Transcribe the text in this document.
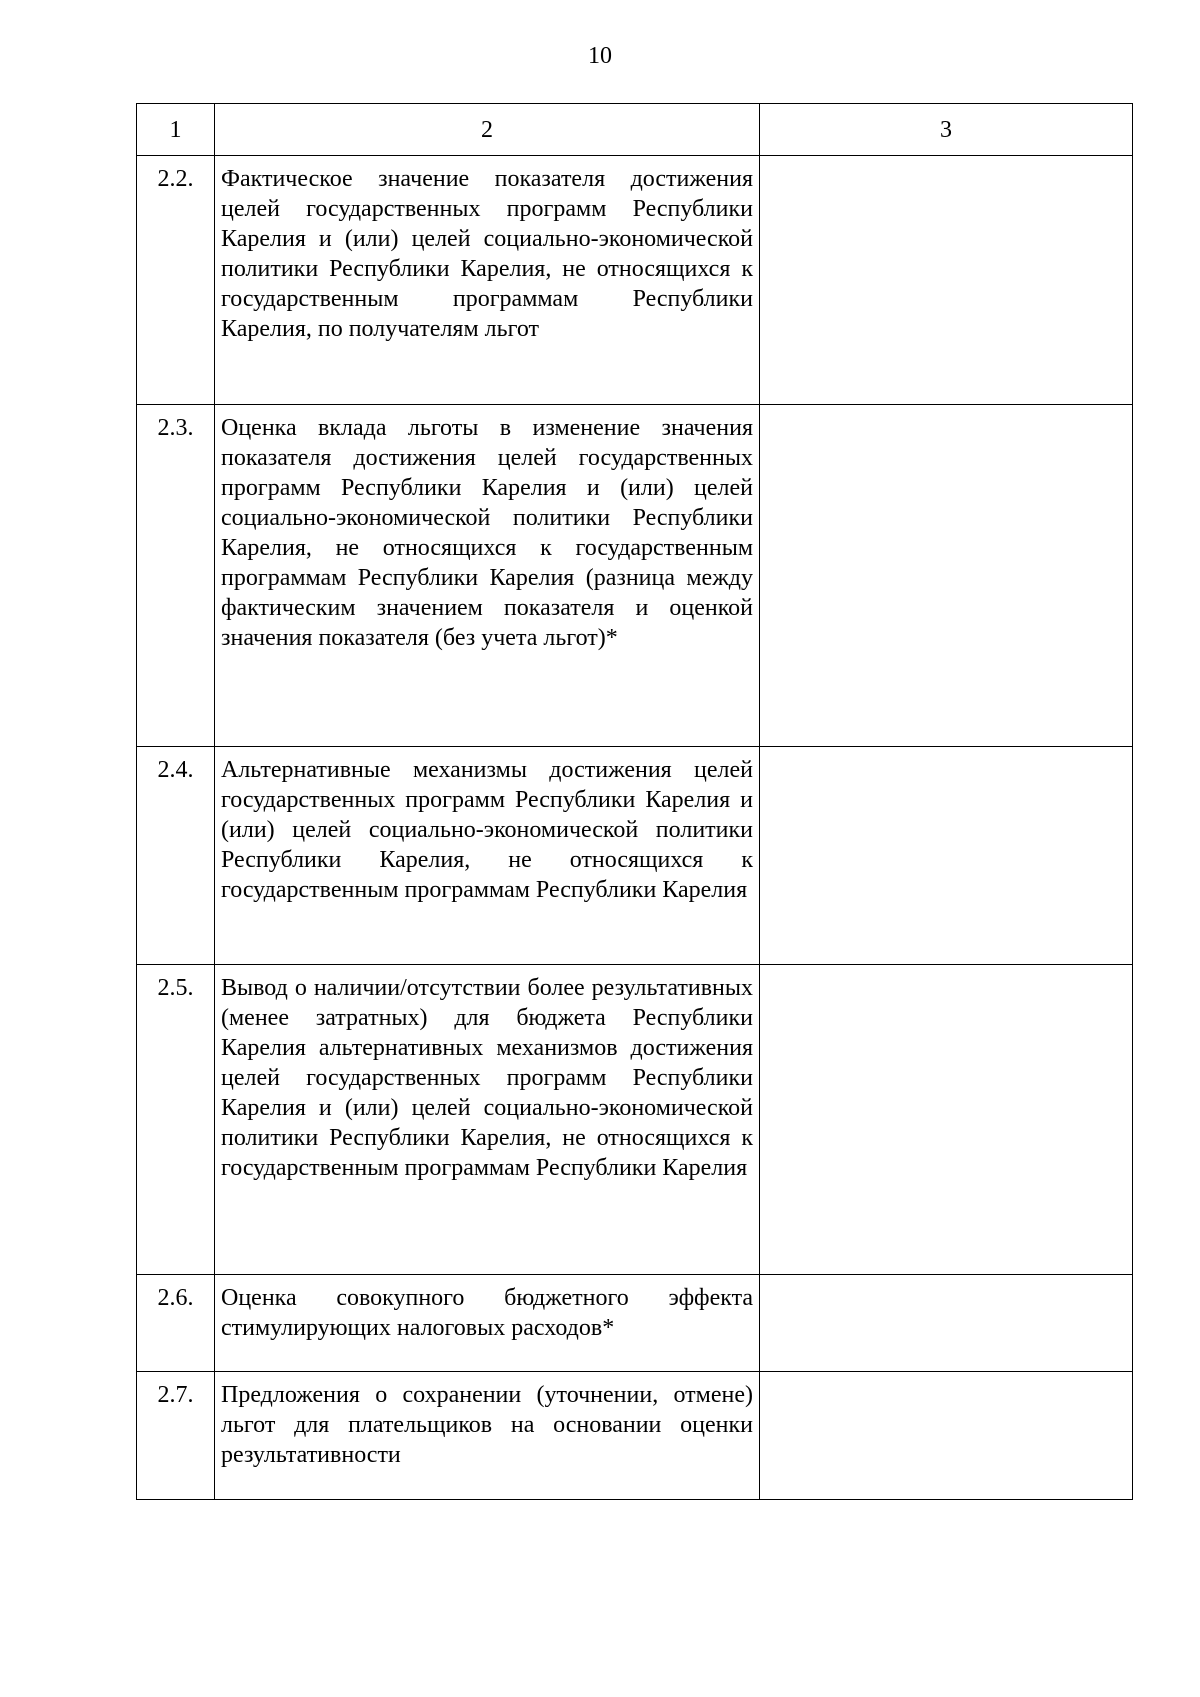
10
1	2	3
2.2.	Фактическое значение показателя достижения целей государственных программ Республики Карелия и (или) целей социально-экономической политики Республики Карелия, не относящихся к государственным программам Республики Карелия, по получателям льгот	
2.3.	Оценка вклада льготы в изменение значения показателя достижения целей государственных программ Республики Карелия и (или) целей социально-экономической политики Республики Карелия, не относящихся к государственным программам Республики Карелия (разница между фактическим значением показателя и оценкой значения показателя (без учета льгот)*	
2.4.	Альтернативные механизмы достижения целей государственных программ Республики Карелия и (или) целей социально-экономической политики Республики Карелия, не относящихся к государственным программам Республики Карелия	
2.5.	Вывод о наличии/отсутствии более результативных (менее затратных) для бюджета Республики Карелия альтернативных механизмов достижения целей государственных программ Республики Карелия и (или) целей социально-экономической политики Республики Карелия, не относящихся к государственным программам Республики Карелия	
2.6.	Оценка совокупного бюджетного эффекта стимулирующих налоговых расходов*	
2.7.	Предложения о сохранении (уточнении, отмене) льгот для плательщиков на основании оценки результативности	
